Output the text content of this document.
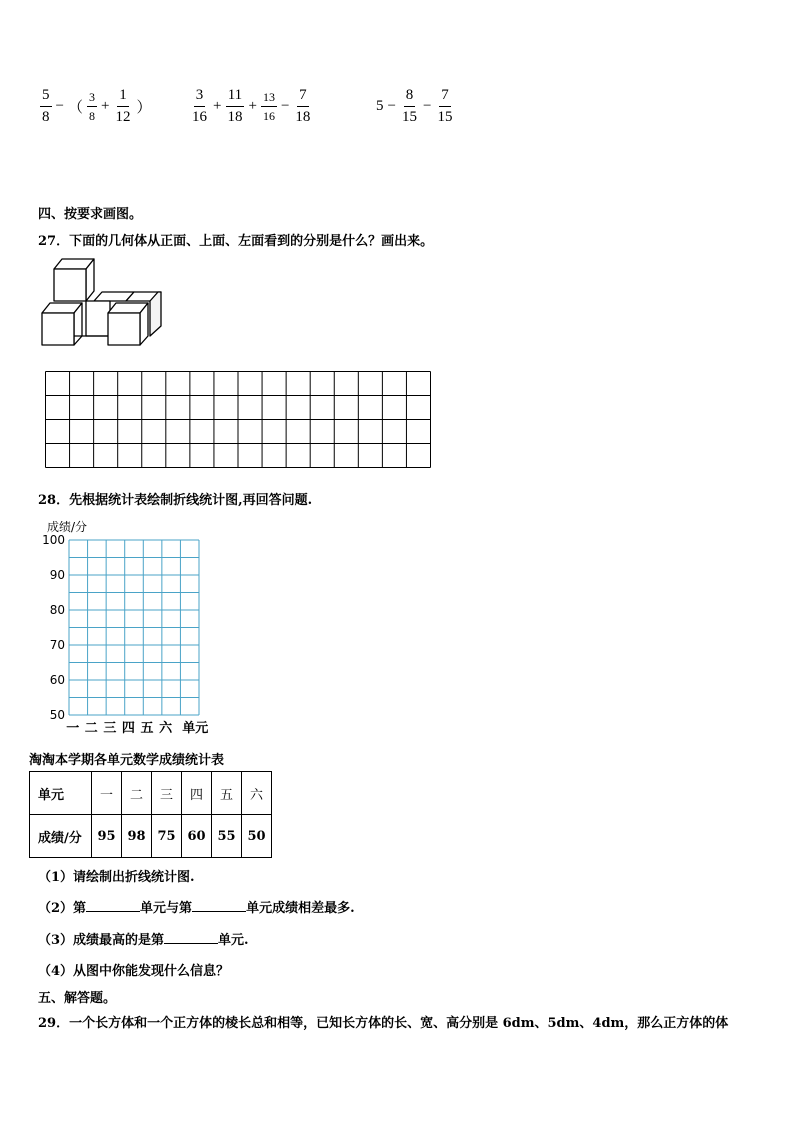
$\frac{5}{8}$ − （ $\frac{3}{8} + \frac{1}{12}$ ）	$\frac{3}{16} + \frac{11}{18} + \frac{13}{16} - \frac{7}{18}$	$5 - \frac{8}{15} - \frac{7}{15}$
四、按要求画图。
27．下面的几何体从正面、上面、左面看到的分别是什么？画出来。
28．先根据统计表绘制折线统计图,再回答问题.
成绩/分
100
90
80
70
60
50
一 二 三 四 五 六 单元
淘淘本学期各单元数学成绩统计表
单元	一	二	三	四	五	六
成绩/分	95	98	75	60	55	50
（1）请绘制出折线统计图.
（2）第	单元与第	单元成绩相差最多.
（3）成绩最高的是第	单元.
（4）从图中你能发现什么信息？
五、解答题。
29．一个长方体和一个正方体的棱长总和相等，已知长方体的长、宽、高分别是 6dm、5dm、4dm，那么正方体的体
